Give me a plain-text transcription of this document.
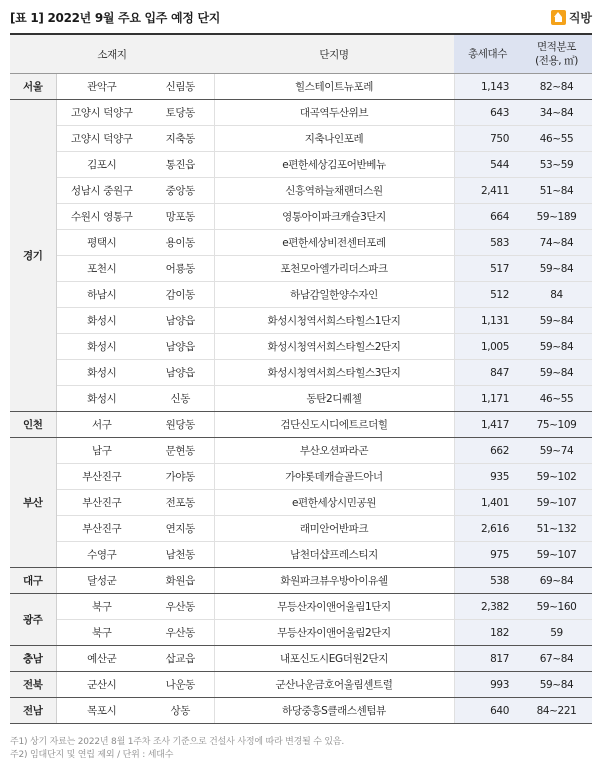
[표 1] 2022년 9월 주요 입주 예정 단지	직방
소재지			단지명	총세대수	면적분포
(전용, ㎡)
서울	관악구	신림동	힐스테이트뉴포레	1,143	82~84
경기	고양시 덕양구	토당동	대곡역두산위브	643	34~84
	고양시 덕양구	지축동	지축나인포레	750	46~55
	김포시	통진읍	e편한세상김포어반베뉴	544	53~59
	성남시 중원구	중앙동	신흥역하늘채랜더스원	2,411	51~84
	수원시 영통구	망포동	영통아이파크캐슬3단지	664	59~189
	평택시	용이동	e편한세상비전센터포레	583	74~84
	포천시	어룡동	포천모아엘가리더스파크	517	59~84
	하남시	감이동	하남감일한양수자인	512	84
	화성시	남양읍	화성시청역서희스타힐스1단지	1,131	59~84
	화성시	남양읍	화성시청역서희스타힐스2단지	1,005	59~84
	화성시	남양읍	화성시청역서희스타힐스3단지	847	59~84
	화성시	신동	동탄2디퀘첼	1,171	46~55
인천	서구	원당동	검단신도시디에트르더힐	1,417	75~109
부산	남구	문현동	부산오션파라곤	662	59~74
	부산진구	가야동	가야롯데캐슬골드아너	935	59~102
	부산진구	전포동	e편한세상시민공원	1,401	59~107
	부산진구	연지동	래미안어반파크	2,616	51~132
	수영구	남천동	남천더샵프레스티지	975	59~107
대구	달성군	화원읍	화원파크뷰우방아이유쉘	538	69~84
광주	북구	우산동	무등산자이앤어울림1단지	2,382	59~160
	북구	우산동	무등산자이앤어울림2단지	182	59
충남	예산군	삽교읍	내포신도시EG더원2단지	817	67~84
전북	군산시	나운동	군산나운금호어울림센트럴	993	59~84
전남	목포시	상동	하당중흥S클래스센텀뷰	640	84~221
주1) 상기 자료는 2022년 8월 1주차 조사 기준으로 건설사 사정에 따라 변경될 수 있음.
주2) 임대단지 및 연립 제외 / 단위 : 세대수
